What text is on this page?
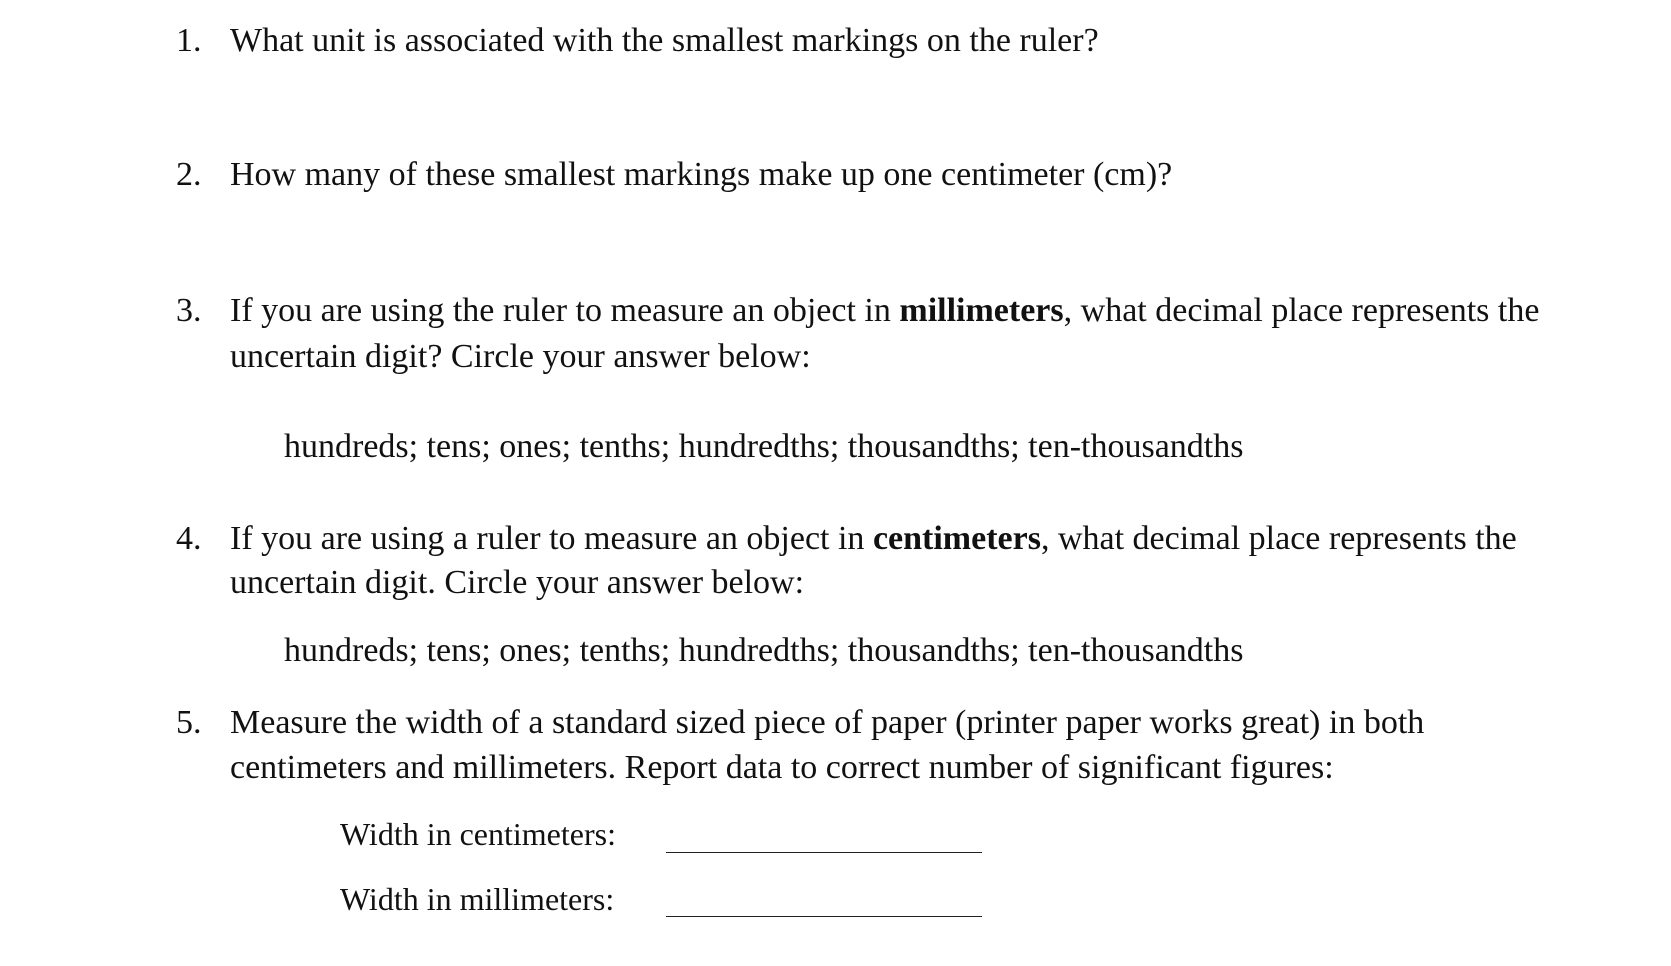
1. What unit is associated with the smallest markings on the ruler?
2. How many of these smallest markings make up one centimeter (cm)?
3. If you are using the ruler to measure an object in millimeters, what decimal place represents the
uncertain digit? Circle your answer below:
hundreds; tens; ones; tenths; hundredths; thousandths; ten-thousandths
4. If you are using a ruler to measure an object in centimeters, what decimal place represents the
uncertain digit. Circle your answer below:
hundreds; tens; ones; tenths; hundredths; thousandths; ten-thousandths
5. Measure the width of a standard sized piece of paper (printer paper works great) in both
centimeters and millimeters. Report data to correct number of significant figures:
Width in centimeters:
Width in millimeters:
